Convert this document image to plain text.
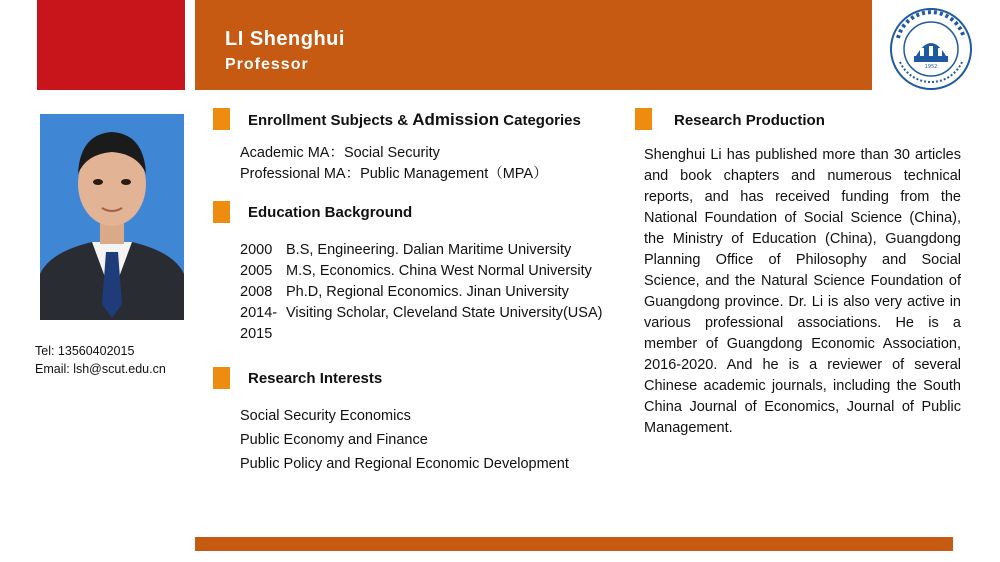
LI Shenghui
Professor	1952
Tel: 13560402015
Email: lsh@scut.edu.cn
Enrollment Subjects & Admission Categories
Academic MA：Social Security
Professional MA：Public Management（MPA）
Education Background
2000 B.S, Engineering. Dalian Maritime University
2005 M.S, Economics. China West Normal University
2008 Ph.D, Regional Economics. Jinan University
2014- Visiting Scholar, Cleveland State University(USA)
2015
Research Interests
Social Security Economics
Public Economy and Finance
Public Policy and Regional Economic Development
Research Production
Shenghui Li has published more than 30 articles and book chapters and numerous technical reports, and has received funding from the National Foundation of Social Science (China), the Ministry of Education (China), Guangdong Planning Office of Philosophy and Social Science, and the Natural Science Foundation of Guangdong province. Dr. Li is also very active in various professional associations. He is a member of Guangdong Economic Association, 2016-2020. And he is a reviewer of several Chinese academic journals, including the South China Journal of Economics, Journal of Public Management.
